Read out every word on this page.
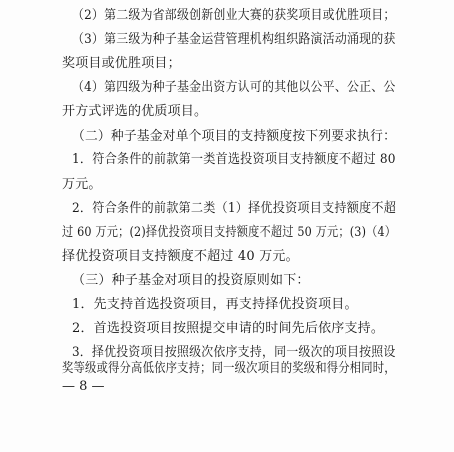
（2）第二级为省部级创新创业大赛的获奖项目或优胜项目；
（3）第三级为种子基金运营管理机构组织路演活动涌现的获
奖项目或优胜项目；
（4）第四级为种子基金出资方认可的其他以公平、公正、公
开方式评选的优质项目。
（二）种子基金对单个项目的支持额度按下列要求执行：
1．符合条件的前款第一类首选投资项目支持额度不超过 80
万元。
2．符合条件的前款第二类（1）择优投资项目支持额度不超
过 60 万元；(2)择优投资项目支持额度不超过 50 万元；(3)（4）
择优投资项目支持额度不超过 40 万元。
（三）种子基金对项目的投资原则如下：
1．先支持首选投资项目，再支持择优投资项目。
2．首选投资项目按照提交申请的时间先后依序支持。
3．择优投资项目按照级次依序支持，同一级次的项目按照设
奖等级或得分高低依序支持；同一级次项目的奖级和得分相同时，
— 8 —
